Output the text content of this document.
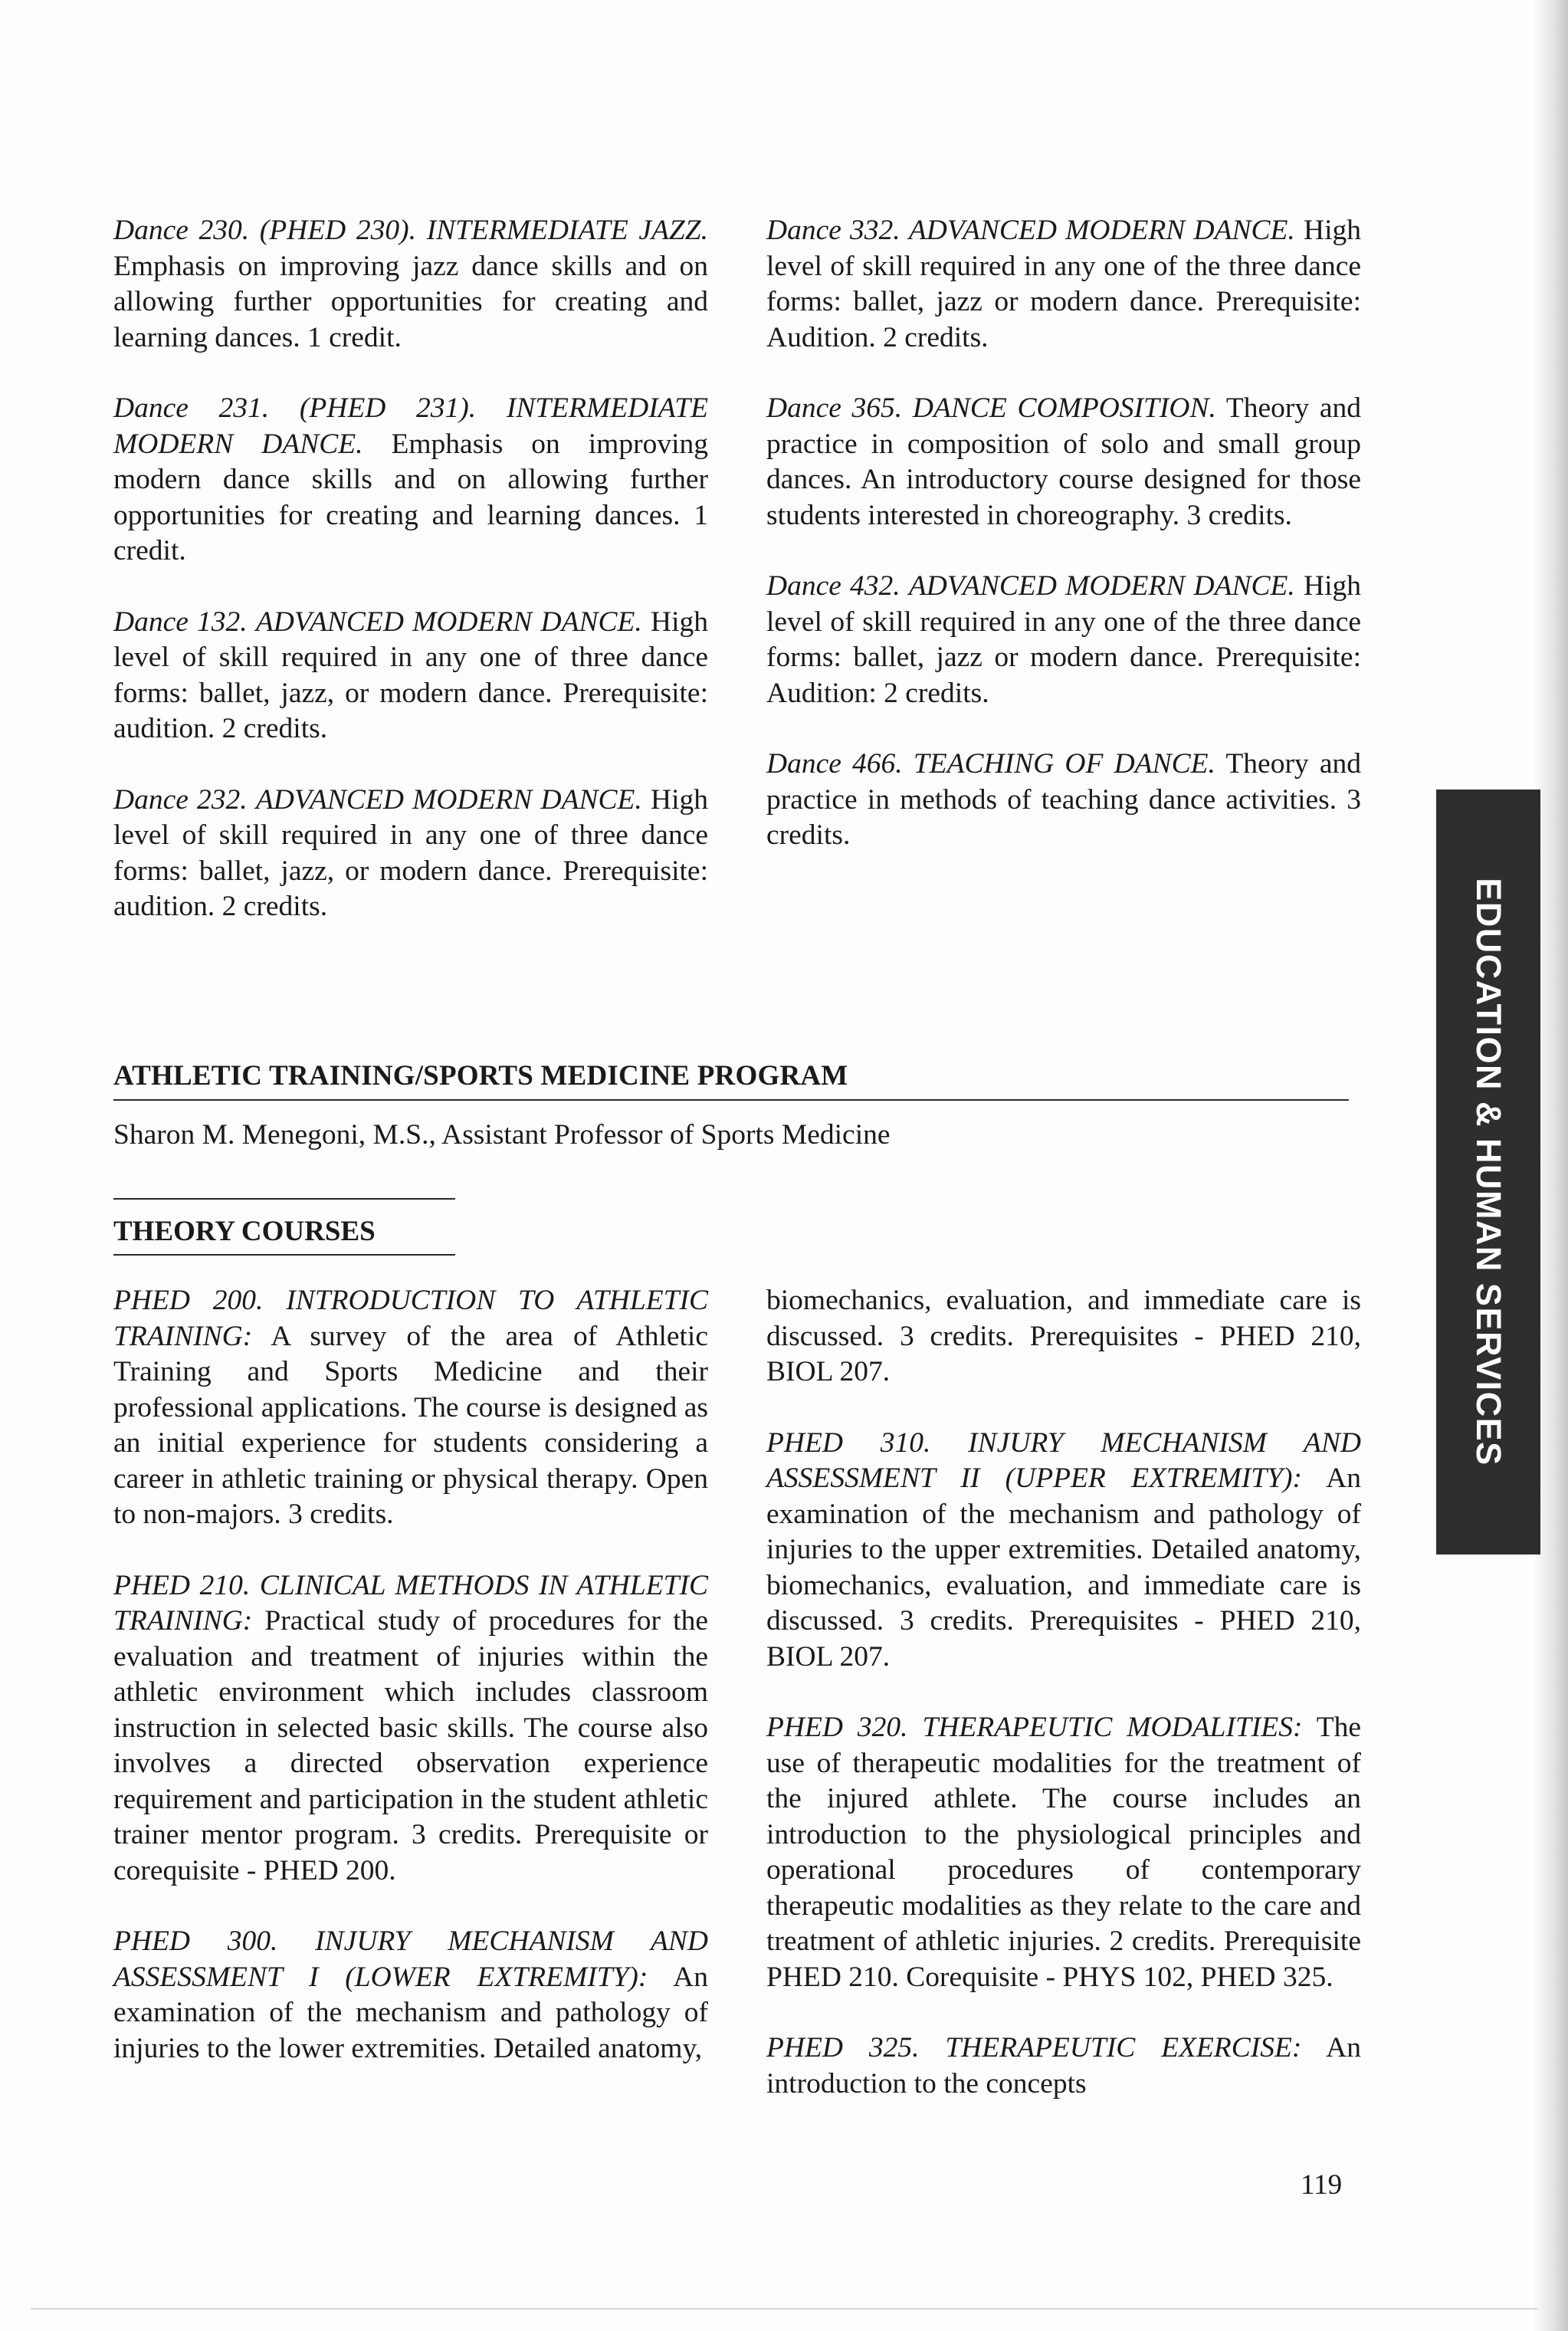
Dance 230. (PHED 230). INTERMEDIATE JAZZ. Emphasis on improving jazz dance skills and on allowing further opportunities for creating and learning dances. 1 credit.

Dance 231. (PHED 231). INTERMEDIATE MODERN DANCE. Emphasis on improving modern dance skills and on allowing further opportunities for creating and learning dances. 1 credit.

Dance 132. ADVANCED MODERN DANCE. High level of skill required in any one of three dance forms: ballet, jazz, or modern dance. Prerequisite: audition. 2 credits.

Dance 232. ADVANCED MODERN DANCE. High level of skill required in any one of three dance forms: ballet, jazz, or modern dance. Prerequisite: audition. 2 credits.

Dance 332. ADVANCED MODERN DANCE. High level of skill required in any one of the three dance forms: ballet, jazz or modern dance. Prerequisite: Audition. 2 credits.

Dance 365. DANCE COMPOSITION. Theory and practice in composition of solo and small group dances. An introductory course designed for those students interested in choreography. 3 credits.

Dance 432. ADVANCED MODERN DANCE. High level of skill required in any one of the three dance forms: ballet, jazz or modern dance. Prerequisite: Audition: 2 credits.

Dance 466. TEACHING OF DANCE. Theory and practice in methods of teaching dance activities. 3 credits.

ATHLETIC TRAINING/SPORTS MEDICINE PROGRAM
Sharon M. Menegoni, M.S., Assistant Professor of Sports Medicine
THEORY COURSES

PHED 200. INTRODUCTION TO ATHLETIC TRAINING: A survey of the area of Athletic Training and Sports Medicine and their professional applications. The course is designed as an initial experience for students considering a career in athletic training or physical therapy. Open to non-majors. 3 credits.

PHED 210. CLINICAL METHODS IN ATHLETIC TRAINING: Practical study of procedures for the evaluation and treatment of injuries within the athletic environment which includes classroom instruction in selected basic skills. The course also involves a directed observation experience requirement and participation in the student athletic trainer mentor program. 3 credits. Prerequisite or corequisite - PHED 200.

PHED 300. INJURY MECHANISM AND ASSESSMENT I (LOWER EXTREMITY): An examination of the mechanism and pathology of injuries to the lower extremities. Detailed anatomy,

biomechanics, evaluation, and immediate care is discussed. 3 credits. Prerequisites - PHED 210, BIOL 207.

PHED 310. INJURY MECHANISM AND ASSESSMENT II (UPPER EXTREMITY): An examination of the mechanism and pathology of injuries to the upper extremities. Detailed anatomy, biomechanics, evaluation, and immediate care is discussed. 3 credits. Prerequisites - PHED 210, BIOL 207.

PHED 320. THERAPEUTIC MODALITIES: The use of therapeutic modalities for the treatment of the injured athlete. The course includes an introduction to the physiological principles and operational procedures of contemporary therapeutic modalities as they relate to the care and treatment of athletic injuries. 2 credits. Prerequisite PHED 210. Corequisite - PHYS 102, PHED 325.

PHED 325. THERAPEUTIC EXERCISE: An introduction to the concepts

EDUCATION & HUMAN SERVICES
119
